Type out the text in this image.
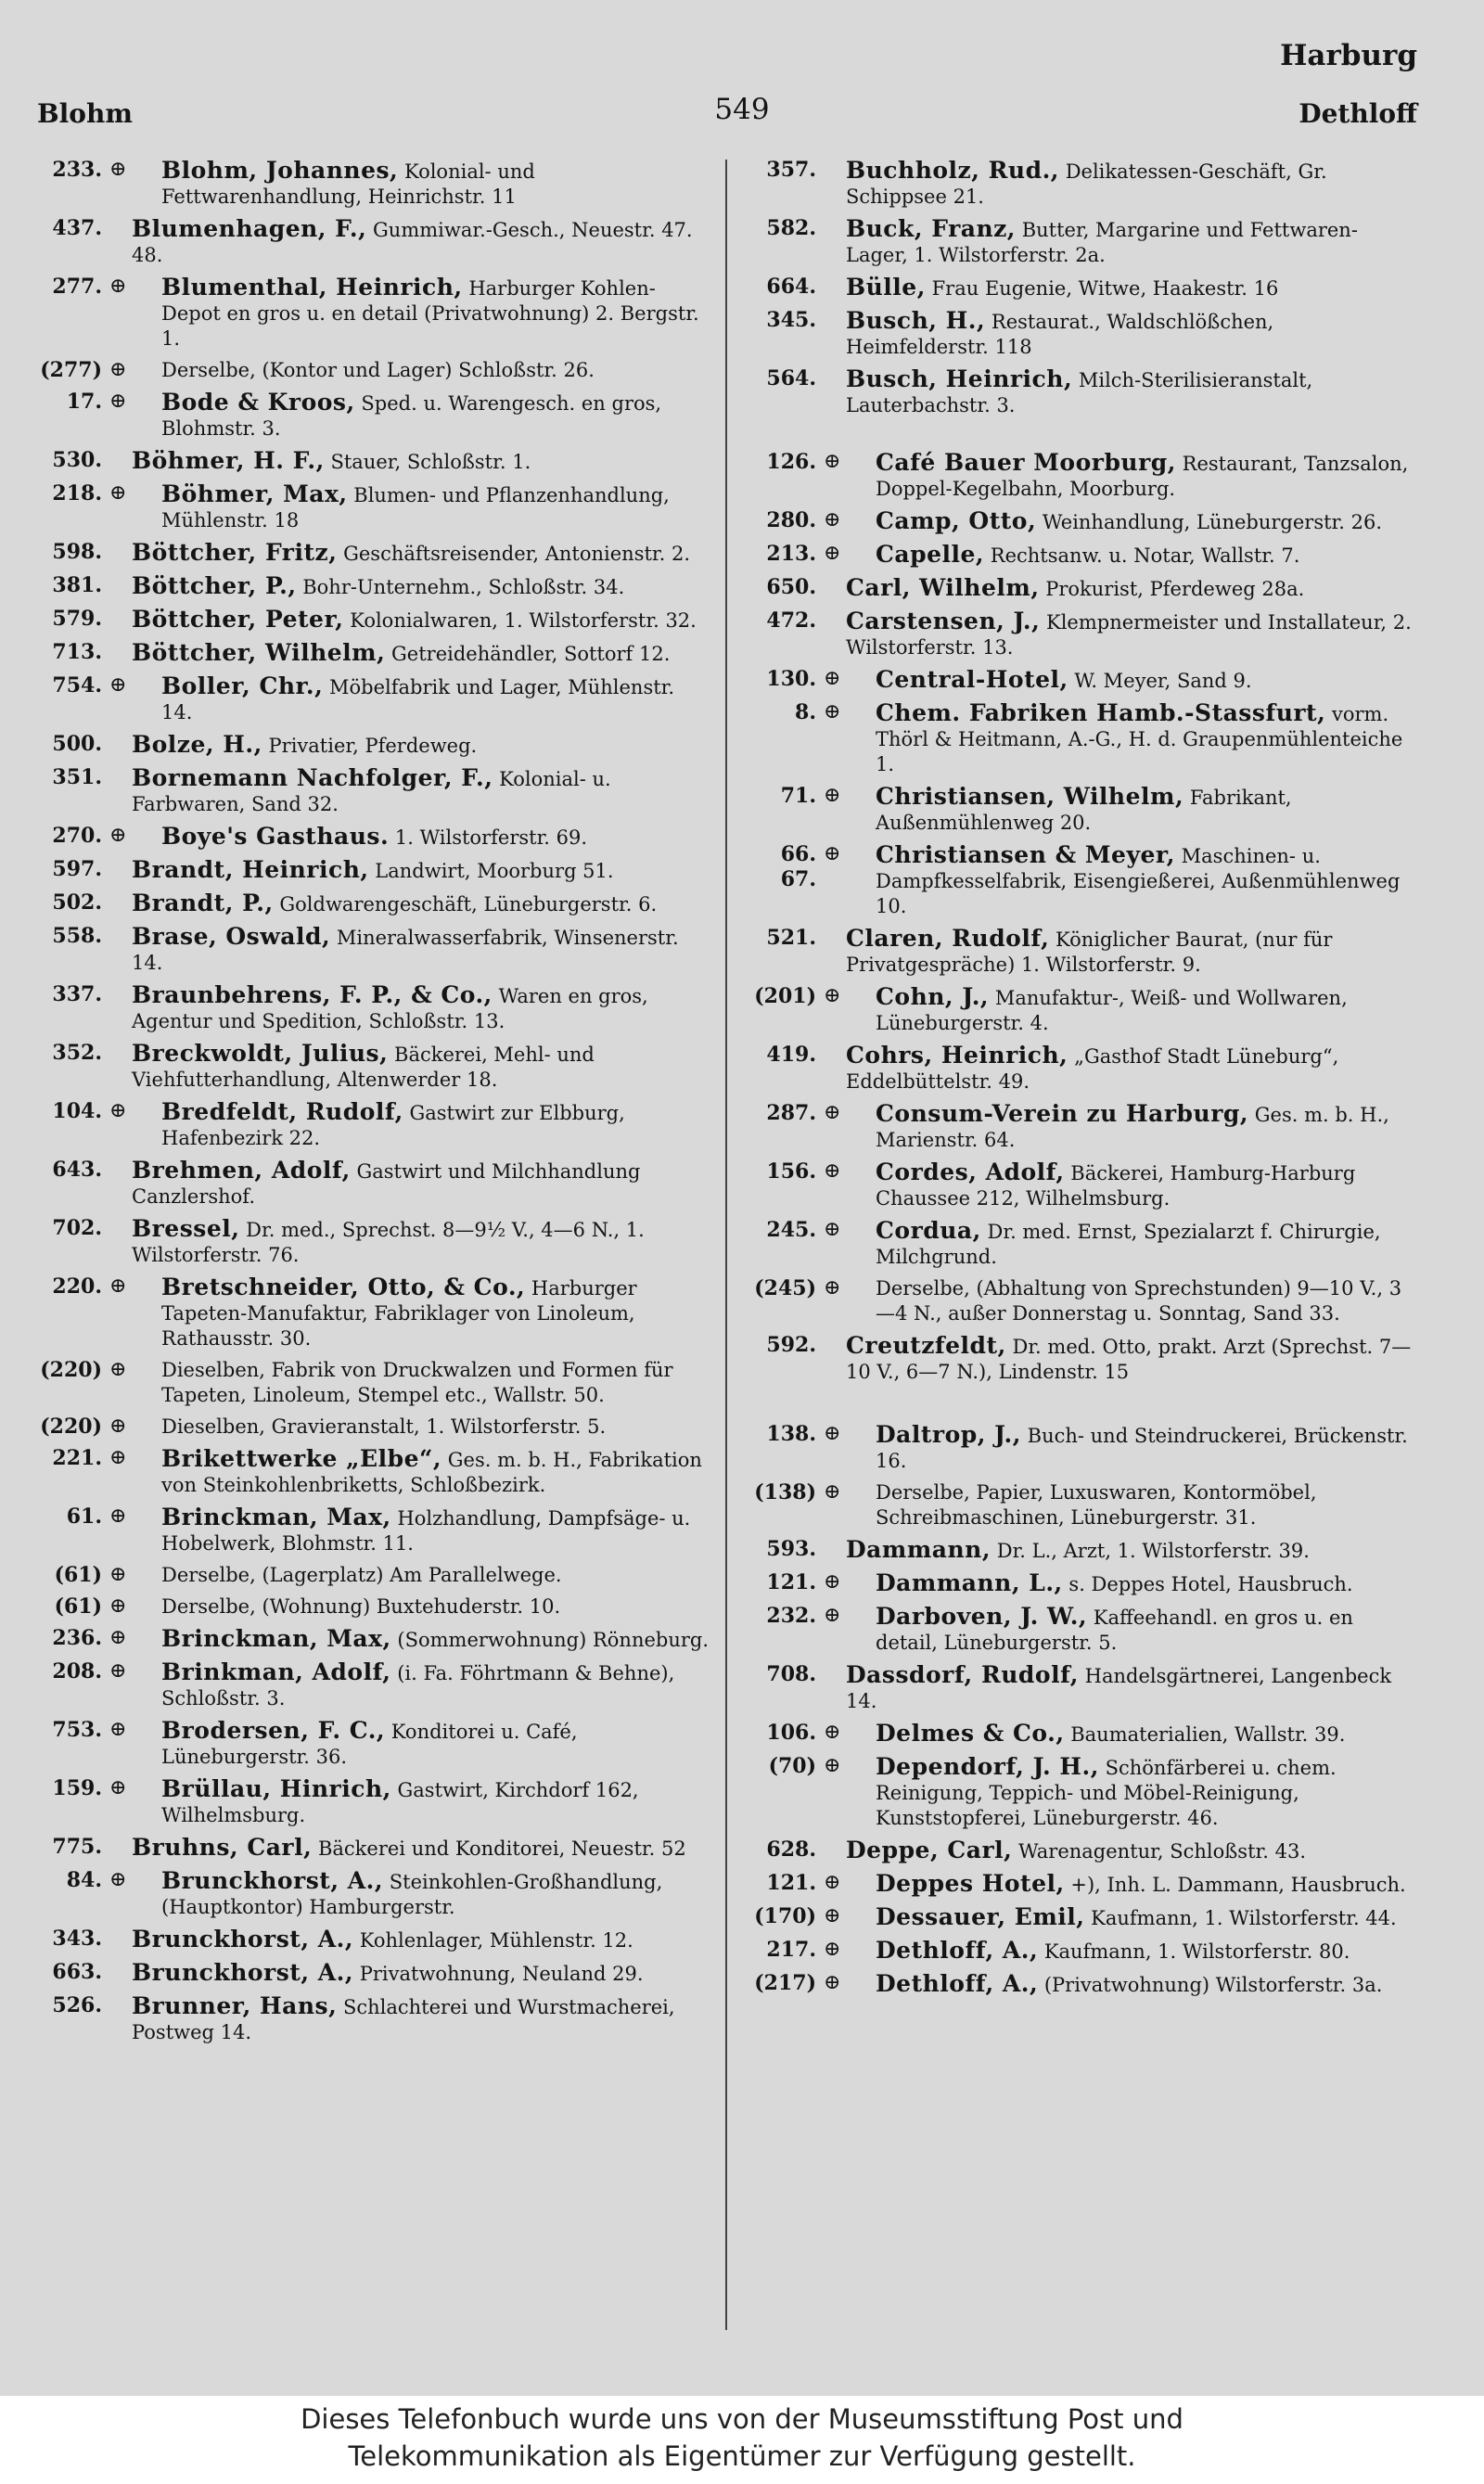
Harburg
Blohm	549	Dethloff
233. ⊕ Blohm, Johannes, Kolonial- und Fettwarenhandlung, Heinrichstr. 11
437. Blumenhagen, F., Gummiwar.-Gesch., Neuestr. 47. 48.
277. ⊕ Blumenthal, Heinrich, Harburger Kohlen-Depot en gros u. en detail (Privatwohnung) 2. Bergstr. 1.
(277) ⊕ Derselbe, (Kontor und Lager) Schloßstr. 26.
17. ⊕ Bode & Kroos, Sped. u. Warengesch. en gros, Blohmstr. 3.
530. Böhmer, H. F., Stauer, Schloßstr. 1.
218. ⊕ Böhmer, Max, Blumen- und Pflanzenhandlung, Mühlenstr. 18
598. Böttcher, Fritz, Geschäftsreisender, Antonienstr. 2.
381. Böttcher, P., Bohr-Unternehm., Schloßstr. 34.
579. Böttcher, Peter, Kolonialwaren, 1. Wilstorferstr. 32.
713. Böttcher, Wilhelm, Getreidehändler, Sottorf 12.
754. ⊕ Boller, Chr., Möbelfabrik und Lager, Mühlenstr. 14.
500. Bolze, H., Privatier, Pferdeweg.
351. Bornemann Nachfolger, F., Kolonial- u. Farbwaren, Sand 32.
270. ⊕ Boye's Gasthaus. 1. Wilstorferstr. 69.
597. Brandt, Heinrich, Landwirt, Moorburg 51.
502. Brandt, P., Goldwarengeschäft, Lüneburgerstr. 6.
558. Brase, Oswald, Mineralwasserfabrik, Winsenerstr. 14.
337. Braunbehrens, F. P., & Co., Waren en gros, Agentur und Spedition, Schloßstr. 13.
352. Breckwoldt, Julius, Bäckerei, Mehl- und Viehfutterhandlung, Altenwerder 18.
104. ⊕ Bredfeldt, Rudolf, Gastwirt zur Elbburg, Hafenbezirk 22.
643. Brehmen, Adolf, Gastwirt und Milchhandlung Canzlershof.
702. Bressel, Dr. med., Sprechst. 8—9½ V., 4—6 N., 1. Wilstorferstr. 76.
220. ⊕ Bretschneider, Otto, & Co., Harburger Tapeten-Manufaktur, Fabriklager von Linoleum, Rathausstr. 30.
(220) ⊕ Dieselben, Fabrik von Druckwalzen und Formen für Tapeten, Linoleum, Stempel etc., Wallstr. 50.
(220) ⊕ Dieselben, Gravieranstalt, 1. Wilstorferstr. 5.
221. ⊕ Brikettwerke „Elbe“, Ges. m. b. H., Fabrikation von Steinkohlenbriketts, Schloßbezirk.
61. ⊕ Brinckman, Max, Holzhandlung, Dampfsäge- u. Hobelwerk, Blohmstr. 11.
(61) ⊕ Derselbe, (Lagerplatz) Am Parallelwege.
(61) ⊕ Derselbe, (Wohnung) Buxtehuderstr. 10.
236. ⊕ Brinckman, Max, (Sommerwohnung) Rönneburg.
208. ⊕ Brinkman, Adolf, (i. Fa. Föhrtmann & Behne), Schloßstr. 3.
753. ⊕ Brodersen, F. C., Konditorei u. Café, Lüneburgerstr. 36.
159. ⊕ Brüllau, Hinrich, Gastwirt, Kirchdorf 162, Wilhelmsburg.
775. Bruhns, Carl, Bäckerei und Konditorei, Neuestr. 52
84. ⊕ Brunckhorst, A., Steinkohlen-Großhandlung, (Hauptkontor) Hamburgerstr.
343. Brunckhorst, A., Kohlenlager, Mühlenstr. 12.
663. Brunckhorst, A., Privatwohnung, Neuland 29.
526. Brunner, Hans, Schlachterei und Wurstmacherei, Postweg 14.
357. Buchholz, Rud., Delikatessen-Geschäft, Gr. Schippsee 21.
582. Buck, Franz, Butter, Margarine und Fettwaren-Lager, 1. Wilstorferstr. 2a.
664. Bülle, Frau Eugenie, Witwe, Haakestr. 16
345. Busch, H., Restaurat., Waldschlößchen, Heimfelderstr. 118
564. Busch, Heinrich, Milch-Sterilisieranstalt, Lauterbachstr. 3.
126. ⊕ Café Bauer Moorburg, Restaurant, Tanzsalon, Doppel-Kegelbahn, Moorburg.
280. ⊕ Camp, Otto, Weinhandlung, Lüneburgerstr. 26.
213. ⊕ Capelle, Rechtsanw. u. Notar, Wallstr. 7.
650. Carl, Wilhelm, Prokurist, Pferdeweg 28a.
472. Carstensen, J., Klempnermeister und Installateur, 2. Wilstorferstr. 13.
130. ⊕ Central-Hotel, W. Meyer, Sand 9.
8. ⊕ Chem. Fabriken Hamb.-Stassfurt, vorm. Thörl & Heitmann, A.-G., H. d. Graupenmühlenteiche 1.
71. ⊕ Christiansen, Wilhelm, Fabrikant, Außenmühlenweg 20.
66. 67.
⊕ Christiansen & Meyer, Maschinen- u. Dampfkesselfabrik, Eisengießerei, Außenmühlenweg 10.
521. Claren, Rudolf, Königlicher Baurat, (nur für Privatgespräche) 1. Wilstorferstr. 9.
(201) ⊕ Cohn, J., Manufaktur-, Weiß- und Wollwaren, Lüneburgerstr. 4.
419. Cohrs, Heinrich, „Gasthof Stadt Lüneburg“, Eddelbüttelstr. 49.
287. ⊕ Consum-Verein zu Harburg, Ges. m. b. H., Marienstr. 64.
156. ⊕ Cordes, Adolf, Bäckerei, Hamburg-Harburg Chaussee 212, Wilhelmsburg.
245. ⊕ Cordua, Dr. med. Ernst, Spezialarzt f. Chirurgie, Milchgrund.
(245) ⊕ Derselbe, (Abhaltung von Sprechstunden) 9—10 V., 3—4 N., außer Donnerstag u. Sonntag, Sand 33.
592. Creutzfeldt, Dr. med. Otto, prakt. Arzt (Sprechst. 7—10 V., 6—7 N.), Lindenstr. 15
138. ⊕ Daltrop, J., Buch- und Steindruckerei, Brückenstr. 16.
(138) ⊕ Derselbe, Papier, Luxuswaren, Kontormöbel, Schreibmaschinen, Lüneburgerstr. 31.
593. Dammann, Dr. L., Arzt, 1. Wilstorferstr. 39.
121. ⊕ Dammann, L., s. Deppes Hotel, Hausbruch.
232. ⊕ Darboven, J. W., Kaffeehandl. en gros u. en detail, Lüneburgerstr. 5.
708. Dassdorf, Rudolf, Handelsgärtnerei, Langenbeck 14.
106. ⊕ Delmes & Co., Baumaterialien, Wallstr. 39.
(70) ⊕ Dependorf, J. H., Schönfärberei u. chem. Reinigung, Teppich- und Möbel-Reinigung, Kunststopferei, Lüneburgerstr. 46.
628. Deppe, Carl, Warenagentur, Schloßstr. 43.
121. ⊕ Deppes Hotel, +), Inh. L. Dammann, Hausbruch.
(170) ⊕ Dessauer, Emil, Kaufmann, 1. Wilstorferstr. 44.
217. ⊕ Dethloff, A., Kaufmann, 1. Wilstorferstr. 80.
(217) ⊕ Dethloff, A., (Privatwohnung) Wilstorferstr. 3a.
Dieses Telefonbuch wurde uns von der Museumsstiftung Post und
Telekommunikation als Eigentümer zur Verfügung gestellt.
